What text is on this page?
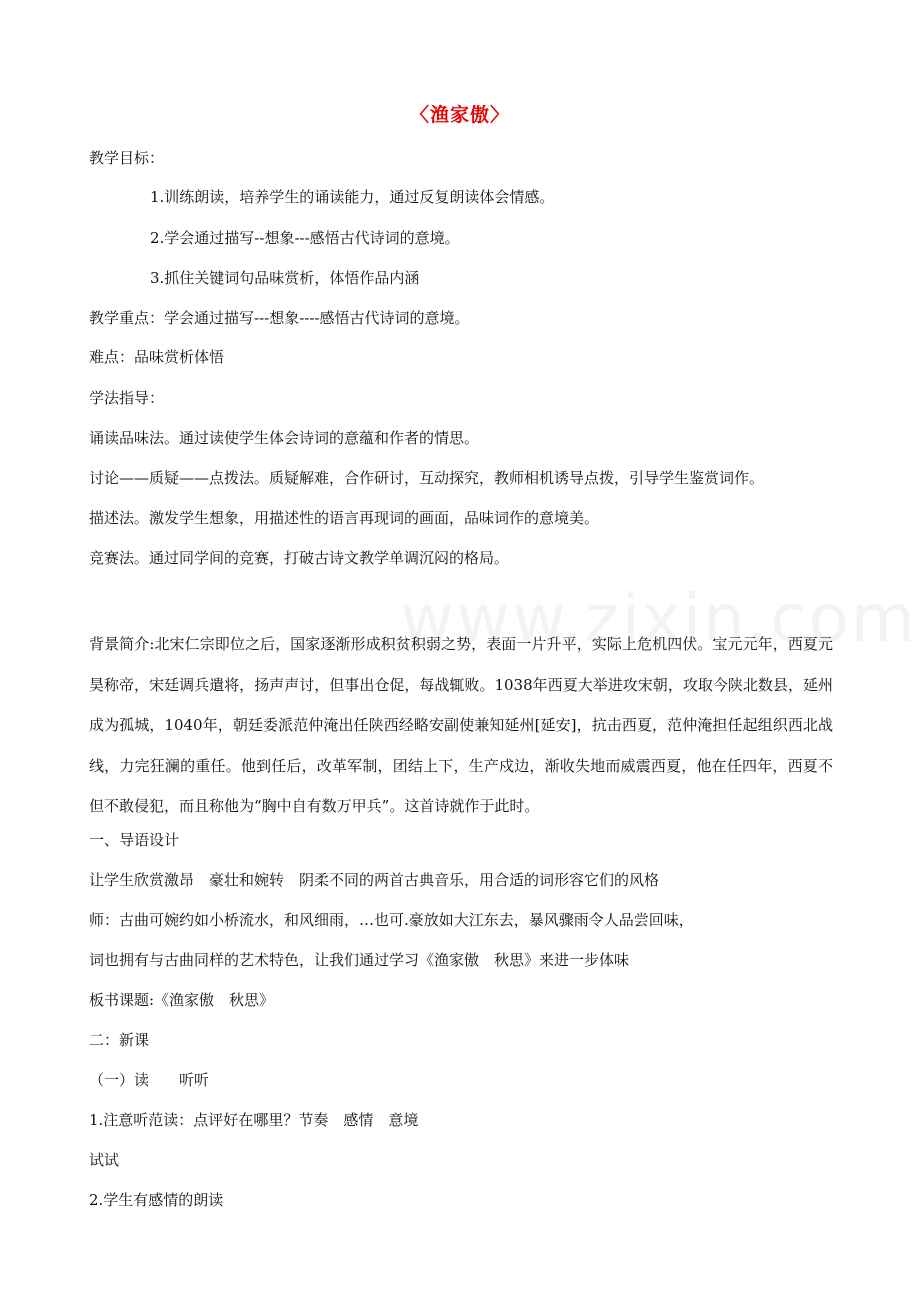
〈渔家傲〉
教学目标：
1.训练朗读，培养学生的诵读能力，通过反复朗读体会情感。
2.学会通过描写--想象---感悟古代诗词的意境。
3.抓住关键词句品味赏析，体悟作品内涵
教学重点：学会通过描写---想象----感悟古代诗词的意境。
难点：品味赏析体悟
学法指导：
诵读品味法。通过读使学生体会诗词的意蕴和作者的情思。
讨论——质疑——点拨法。质疑解难，合作研讨，互动探究，教师相机诱导点拨，引导学生鉴赏词作。
描述法。激发学生想象，用描述性的语言再现词的画面，品味词作的意境美。
竞赛法。通过同学间的竞赛，打破古诗文教学单调沉闷的格局。
背景简介:北宋仁宗即位之后，国家逐渐形成积贫积弱之势，表面一片升平，实际上危机四伏。宝元元年，西夏元昊称帝，宋廷调兵遣将，扬声声讨，但事出仓促，每战辄败。1038年西夏大举进攻宋朝，攻取今陕北数县，延州成为孤城，1040年，朝廷委派范仲淹出任陕西经略安副使兼知延州[延安]，抗击西夏，范仲淹担任起组织西北战线，力完狂澜的重任。他到任后，改革军制，团结上下，生产戍边，渐收失地而威震西夏，他在任四年，西夏不但不敢侵犯，而且称他为“胸中自有数万甲兵”。这首诗就作于此时。
一、导语设计
让学生欣赏激昂　豪壮和婉转　阴柔不同的两首古典音乐，用合适的词形容它们的风格
师：古曲可婉约如小桥流水，和风细雨，…也可.豪放如大江东去，暴风骤雨令人品尝回味，
词也拥有与古曲同样的艺术特色，让我们通过学习《渔家傲　秋思》来进一步体味
板书课题:《渔家傲　秋思》
二：新课
（一）读　　听听
1.注意听范读：点评好在哪里？节奏　感情　意境
试试
2.学生有感情的朗读
